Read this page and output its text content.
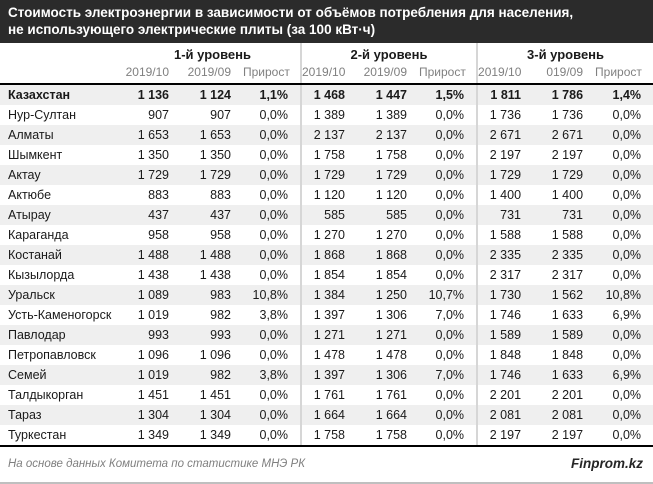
Стоимость электроэнергии в зависимости от объёмов потребления для населения,
не использующего электрические плиты (за 100 кВт·ч)
	1-й уровень			2-й уровень			3-й уровень		
	2019/10	2019/09	Прирост	2019/10	2019/09	Прирост	2019/10	019/09	Прирост
Казахстан	1 136	1 124	1,1%	1 468	1 447	1,5%	1 811	1 786	1,4%
Нур-Султан	907	907	0,0%	1 389	1 389	0,0%	1 736	1 736	0,0%
Алматы	1 653	1 653	0,0%	2 137	2 137	0,0%	2 671	2 671	0,0%
Шымкент	1 350	1 350	0,0%	1 758	1 758	0,0%	2 197	2 197	0,0%
Актау	1 729	1 729	0,0%	1 729	1 729	0,0%	1 729	1 729	0,0%
Актюбе	883	883	0,0%	1 120	1 120	0,0%	1 400	1 400	0,0%
Атырау	437	437	0,0%	585	585	0,0%	731	731	0,0%
Караганда	958	958	0,0%	1 270	1 270	0,0%	1 588	1 588	0,0%
Костанай	1 488	1 488	0,0%	1 868	1 868	0,0%	2 335	2 335	0,0%
Кызылорда	1 438	1 438	0,0%	1 854	1 854	0,0%	2 317	2 317	0,0%
Уральск	1 089	983	10,8%	1 384	1 250	10,7%	1 730	1 562	10,8%
Усть-Каменогорск	1 019	982	3,8%	1 397	1 306	7,0%	1 746	1 633	6,9%
Павлодар	993	993	0,0%	1 271	1 271	0,0%	1 589	1 589	0,0%
Петропавловск	1 096	1 096	0,0%	1 478	1 478	0,0%	1 848	1 848	0,0%
Семей	1 019	982	3,8%	1 397	1 306	7,0%	1 746	1 633	6,9%
Талдыкорган	1 451	1 451	0,0%	1 761	1 761	0,0%	2 201	2 201	0,0%
Тараз	1 304	1 304	0,0%	1 664	1 664	0,0%	2 081	2 081	0,0%
Туркестан	1 349	1 349	0,0%	1 758	1 758	0,0%	2 197	2 197	0,0%
На основе данных Комитета по статистике МНЭ РК	Finprom.kz
